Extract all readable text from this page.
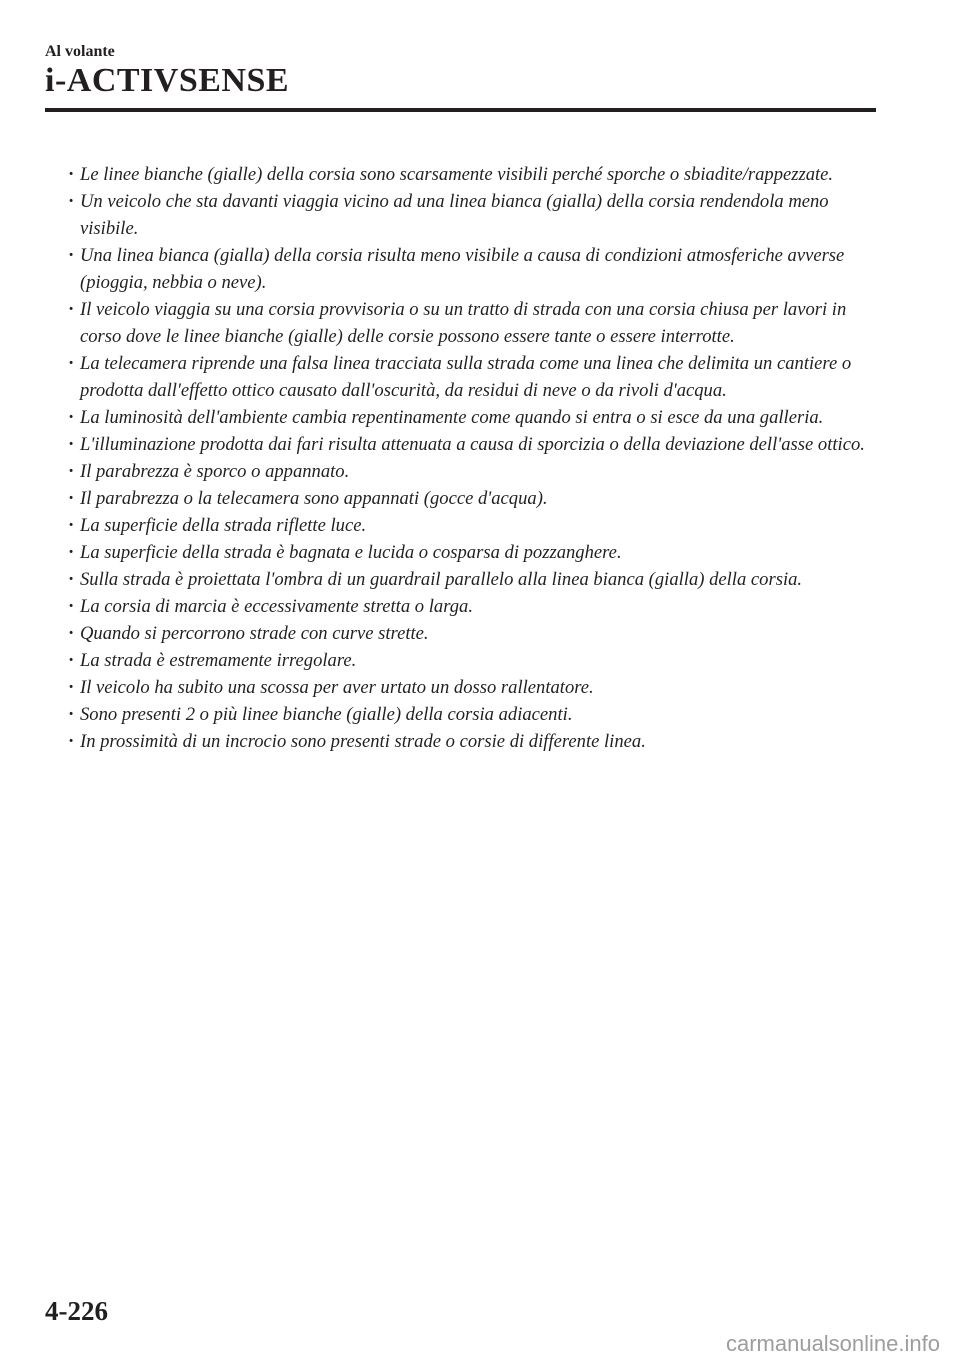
Al volante
i-ACTIVSENSE
· Le linee bianche (gialle) della corsia sono scarsamente visibili perché sporche o sbiadite/rappezzate.
· Un veicolo che sta davanti viaggia vicino ad una linea bianca (gialla) della corsia rendendola meno visibile.
· Una linea bianca (gialla) della corsia risulta meno visibile a causa di condizioni atmosferiche avverse (pioggia, nebbia o neve).
· Il veicolo viaggia su una corsia provvisoria o su un tratto di strada con una corsia chiusa per lavori in corso dove le linee bianche (gialle) delle corsie possono essere tante o essere interrotte.
· La telecamera riprende una falsa linea tracciata sulla strada come una linea che delimita un cantiere o prodotta dall'effetto ottico causato dall'oscurità, da residui di neve o da rivoli d'acqua.
· La luminosità dell'ambiente cambia repentinamente come quando si entra o si esce da una galleria.
· L'illuminazione prodotta dai fari risulta attenuata a causa di sporcizia o della deviazione dell'asse ottico.
· Il parabrezza è sporco o appannato.
· Il parabrezza o la telecamera sono appannati (gocce d'acqua).
· La superficie della strada riflette luce.
· La superficie della strada è bagnata e lucida o cosparsa di pozzanghere.
· Sulla strada è proiettata l'ombra di un guardrail parallelo alla linea bianca (gialla) della corsia.
· La corsia di marcia è eccessivamente stretta o larga.
· Quando si percorrono strade con curve strette.
· La strada è estremamente irregolare.
· Il veicolo ha subito una scossa per aver urtato un dosso rallentatore.
· Sono presenti 2 o più linee bianche (gialle) della corsia adiacenti.
· In prossimità di un incrocio sono presenti strade o corsie di differente linea.
4-226
carmanualsonline.info
